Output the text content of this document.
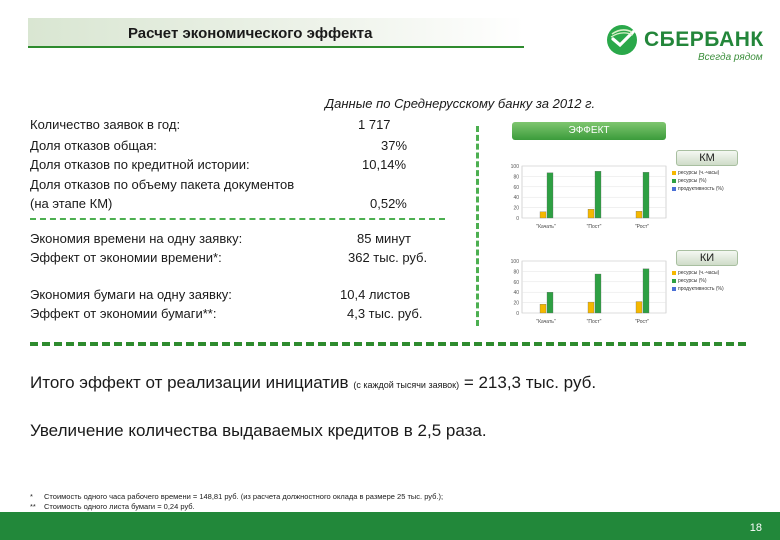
Расчет экономического эффекта	СБЕРБАНК
Всегда рядом
Данные по Среднерусскому банку за 2012 г.
Количество заявок в год:	1 717
Доля отказов общая:	37%
Доля отказов по кредитной истории:	10,14%
Доля отказов по объему пакета документов
(на этапе КМ)	0,52%
Экономия времени на одну заявку:	85 минут
Эффект от экономии времени*:	362 тыс. руб.
Экономия бумаги на одну заявку:	10,4 листов
Эффект от экономии бумаги**:	4,3 тыс. руб.
ЭФФЕКТ
КМ
КИ
100
80
60
40
20
0
"Качать"	"Пост"	"Рост"
ресурсы (ч.-часы)
ресурсы (%)
продуктивность (%)
100
80
60
40
20
0
"Качать"	"Пост"	"Рост"
ресурсы (ч.-часы)
ресурсы (%)
продуктивность (%)
Итого эффект от реализации инициатив (с каждой тысячи заявок) = 213,3 тыс. руб.
Увеличение количества выдаваемых кредитов в 2,5 раза.
* Стоимость одного часа рабочего времени = 148,81 руб. (из расчета должностного оклада в размере 25 тыс. руб.);
** Стоимость одного листа бумаги = 0,24 руб.
18
